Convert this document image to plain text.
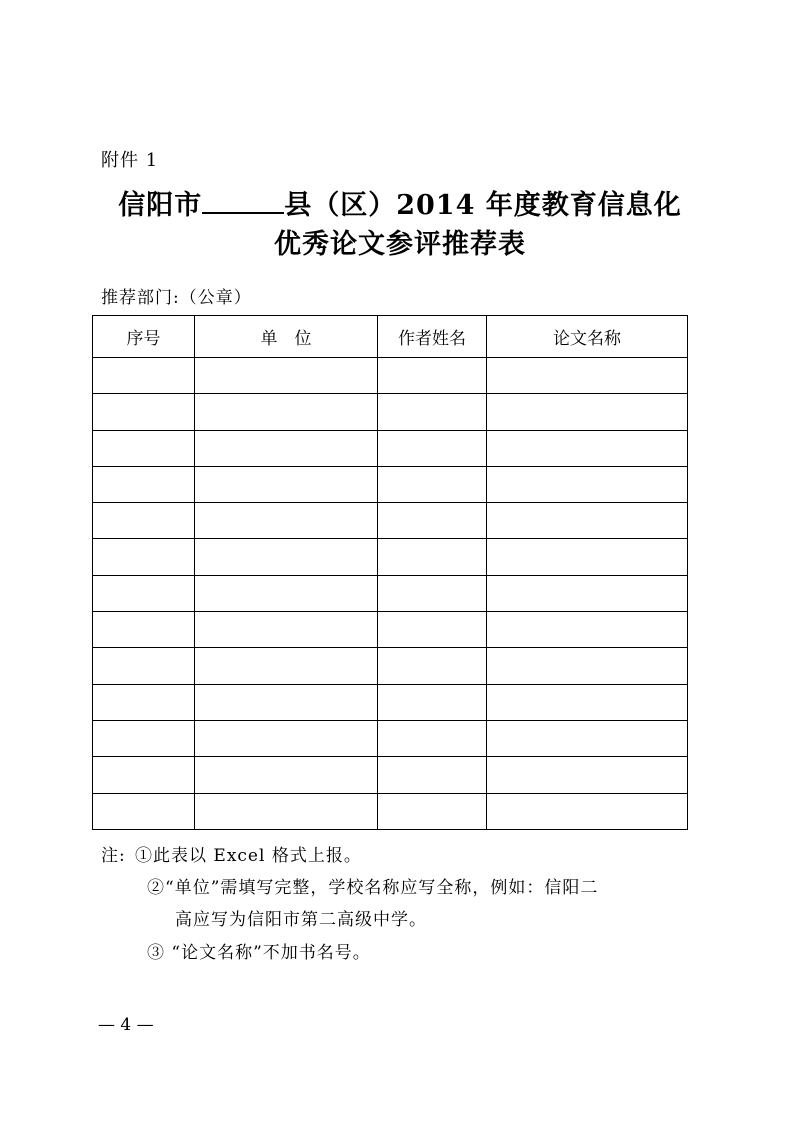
附件 1
信阳市	县（区）2014 年度教育信息化
优秀论文参评推荐表
推荐部门:（公章）
序号	单　位	作者姓名	论文名称

注: ①此表以 Excel 格式上报。
②“单位”需填写完整，学校名称应写全称，例如：信阳二
高应写为信阳市第二高级中学。
③ “论文名称”不加书名号。
— 4 —
